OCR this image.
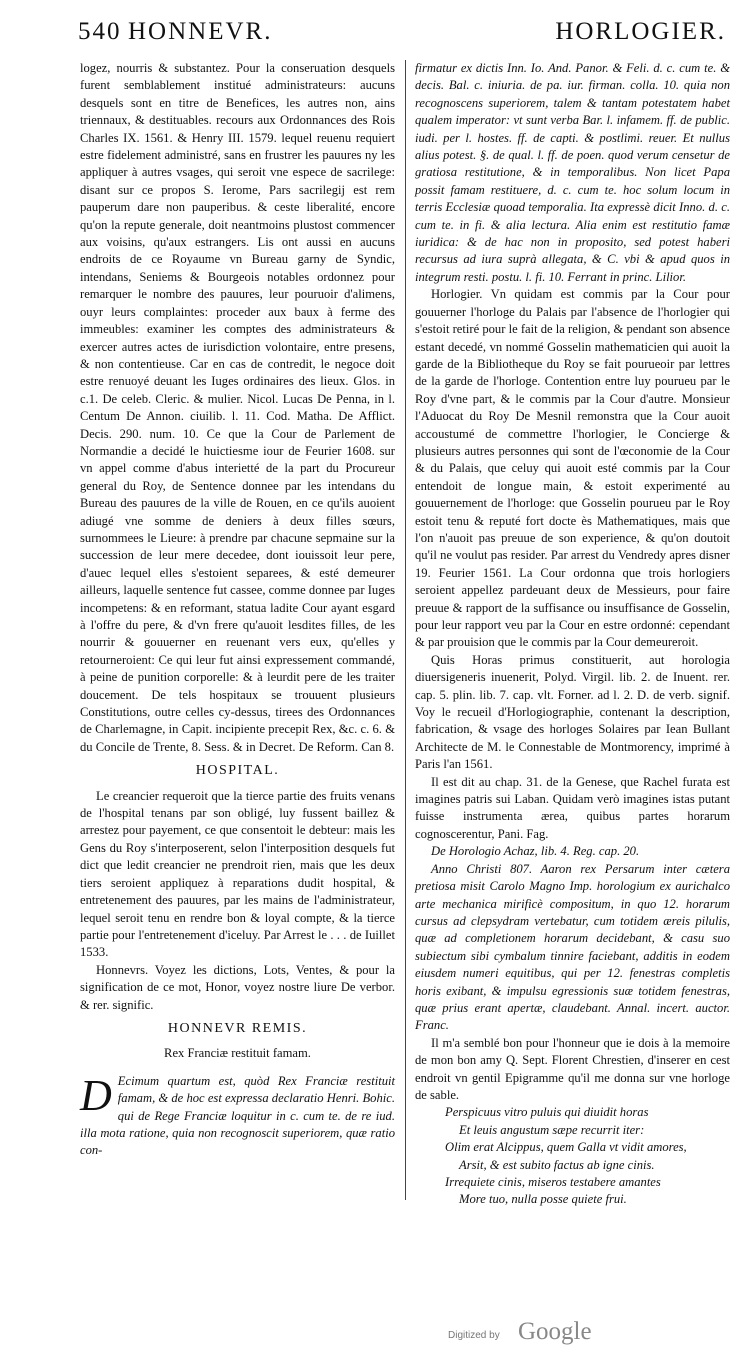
540 HONNEVR.	HORLOGIER.

logez, nourris & substantez. Pour la conseruation desquels furent semblablement institué administrateurs: aucuns desquels sont en titre de Benefices, les autres non, ains triennaux, & destituables. recours aux Ordonnances des Rois Charles IX. 1561. & Henry III. 1579. lequel reuenu requiert estre fidelement administré, sans en frustrer les pauures ny les appliquer à autres vsages, qui seroit vne espece de sacrilege: disant sur ce propos S. Ierome, Pars sacrilegij est rem pauperum dare non pauperibus. & ceste liberalité, encore qu'on la repute generale, doit neantmoins plustost commencer aux voisins, qu'aux estrangers. Lis ont aussi en aucuns endroits de ce Royaume vn Bureau garny de Syndic, intendans, Seniems & Bourgeois notables ordonnez pour remarquer le nombre des pauures, leur pouruoir d'alimens, ouyr leurs complaintes: proceder aux baux à ferme des immeubles: examiner les comptes des administrateurs & exercer autres actes de iurisdiction volontaire, entre presens, & non contentieuse. Car en cas de contredit, le negoce doit estre renuoyé deuant les Iuges ordinaires des lieux. Glos. in c.1. De celeb. Cleric. & mulier. Nicol. Lucas De Penna, in l. Centum De Annon. ciuilib. l. 11. Cod. Matha. De Afflict. Decis. 290. num. 10. Ce que la Cour de Parlement de Normandie a decidé le huictiesme iour de Feurier 1608. sur vn appel comme d'abus interietté de la part du Procureur general du Roy, de Sentence donnee par les intendans du Bureau des pauures de la ville de Rouen, en ce qu'ils auoient adiugé vne somme de deniers à deux filles sœurs, surnommees le Lieure: à prendre par chacune sepmaine sur la succession de leur mere decedee, dont iouissoit leur pere, d'auec lequel elles s'estoient separees, & esté demeurer ailleurs, laquelle sentence fut cassee, comme donnee par Iuges incompetens: & en reformant, statua ladite Cour ayant esgard à l'offre du pere, & d'vn frere qu'auoit lesdites filles, de les nourrir & gouuerner en reuenant vers eux, qu'elles y retourneroient: Ce qui leur fut ainsi expressement commandé, à peine de punition corporelle: & à leurdit pere de les traiter doucement. De tels hospitaux se trouuent plusieurs Constitutions, outre celles cy-dessus, tirees des Ordonnances de Charlemagne, in Capit. incipiente precepit Rex, &c. c. 6. & du Concile de Trente, 8. Sess. & in Decret. De Reform. Can 8.

HOSPITAL.

Le creancier requeroit que la tierce partie des fruits venans de l'hospital tenans par son obligé, luy fussent baillez & arrestez pour payement, ce que consentoit le debteur: mais les Gens du Roy s'interposerent, selon l'interposition desquels fut dict que ledit creancier ne prendroit rien, mais que les deux tiers seroient appliquez à reparations dudit hospital, & entretenement des pauures, par les mains de l'administrateur, lequel seroit tenu en rendre bon & loyal compte, & la tierce partie pour l'entretenement d'iceluy. Par Arrest le . . . de Iuillet 1533.

Honnevrs. Voyez les dictions, Lots, Ventes, & pour la signification de ce mot, Honor, voyez nostre liure De verbor. & rer. signific.

HONNEVR REMIS.
Rex Franciæ restituit famam.

D Ecimum quartum est, quòd Rex Franciæ restituit famam, & de hoc est expressa declaratio Henri. Bohic. qui de Rege Franciæ loquitur in c. cum te. de re iud. illa mota ratione, quia non recognoscit superiorem, quæ ratio con-

firmatur ex dictis Inn. Io. And. Panor. & Feli. d. c. cum te. & decis. Bal. c. iniuria. de pa. iur. firman. colla. 10. quia non recognoscens superiorem, talem & tantam potestatem habet qualem imperator: vt sunt verba Bar. l. infamem. ff. de public. iudi. per l. hostes. ff. de capti. & postlimi. reuer. Et nullus alius potest. §. de qual. l. ff. de poen. quod verum censetur de gratiosa restitutione, & in temporalibus. Non licet Papa possit famam restituere, d. c. cum te. hoc solum locum in terris Ecclesiæ quoad temporalia. Ita expressè dicit Inno. d. c. cum te. in fi. & alia lectura. Alia enim est restitutio famæ iuridica: & de hac non in proposito, sed potest haberi recursus ad iura suprà allegata, & C. vbi & apud quos in integrum resti. postu. l. fi. 10. Ferrant in princ. Lilior.

Horlogier. Vn quidam est commis par la Cour pour gouuerner l'horloge du Palais par l'absence de l'horlogier qui s'estoit retiré pour le fait de la religion, & pendant son absence estant decedé, vn nommé Gosselin mathematicien qui auoit la garde de la Bibliotheque du Roy se fait pourueoir par lettres de la garde de l'horloge. Contention entre luy pourueu par le Roy d'vne part, & le commis par la Cour d'autre. Monsieur l'Aduocat du Roy De Mesnil remonstra que la Cour auoit accoustumé de commettre l'horlogier, le Concierge & plusieurs autres personnes qui sont de l'œconomie de la Cour & du Palais, que celuy qui auoit esté commis par la Cour entendoit de longue main, & estoit experimenté au gouuernement de l'horloge: que Gosselin pourueu par le Roy estoit tenu & reputé fort docte ès Mathematiques, mais que l'on n'auoit pas preuue de son experience, & qu'on doutoit qu'il ne voulut pas resider. Par arrest du Vendredy apres disner 19. Feurier 1561. La Cour ordonna que trois horlogiers seroient appellez pardeuant deux de Messieurs, pour faire preuue & rapport de la suffisance ou insuffisance de Gosselin, pour leur rapport veu par la Cour en estre ordonné: cependant & par prouision que le commis par la Cour demeureroit.

Quis Horas primus constituerit, aut horologia diuersigeneris inuenerit, Polyd. Virgil. lib. 2. de Inuent. rer. cap. 5. plin. lib. 7. cap. vlt. Forner. ad l. 2. D. de verb. signif. Voy le recueil d'Horlogiographie, contenant la description, fabrication, & vsage des horloges Solaires par Iean Bullant Architecte de M. le Connestable de Montmorency, imprimé à Paris l'an 1561.

Il est dit au chap. 31. de la Genese, que Rachel furata est imagines patris sui Laban. Quidam verò imagines istas putant fuisse instrumenta ærea, quibus partes horarum cognoscerentur, Pani. Fag.

De Horologio Achaz, lib. 4. Reg. cap. 20.

Anno Christi 807. Aaron rex Persarum inter cætera pretiosa misit Carolo Magno Imp. horologium ex aurichalco arte mechanica mirificè compositum, in quo 12. horarum cursus ad clepsydram vertebatur, cum totidem æreis pilulis, quæ ad completionem horarum decidebant, & casu suo subiectum sibi cymbalum tinnire faciebant, additis in eodem eiusdem numeri equitibus, qui per 12. fenestras completis horis exibant, & impulsu egressionis suæ totidem fenestras, quæ prius erant apertæ, claudebant. Annal. incert. auctor. Franc.

Il m'a semblé bon pour l'honneur que ie dois à la memoire de mon bon amy Q. Sept. Florent Chrestien, d'inserer en cest endroit vn gentil Epigramme qu'il me donna sur vne horloge de sable.

Perspicuus vitro puluis qui diuidit horas

Et leuis angustum sæpe recurrit iter:

Olim erat Alcippus, quem Galla vt vidit amores,

Arsit, & est subito factus ab igne cinis.

Irrequiete cinis, miseros testabere amantes

More tuo, nulla posse quiete frui.

Digitized by Google
